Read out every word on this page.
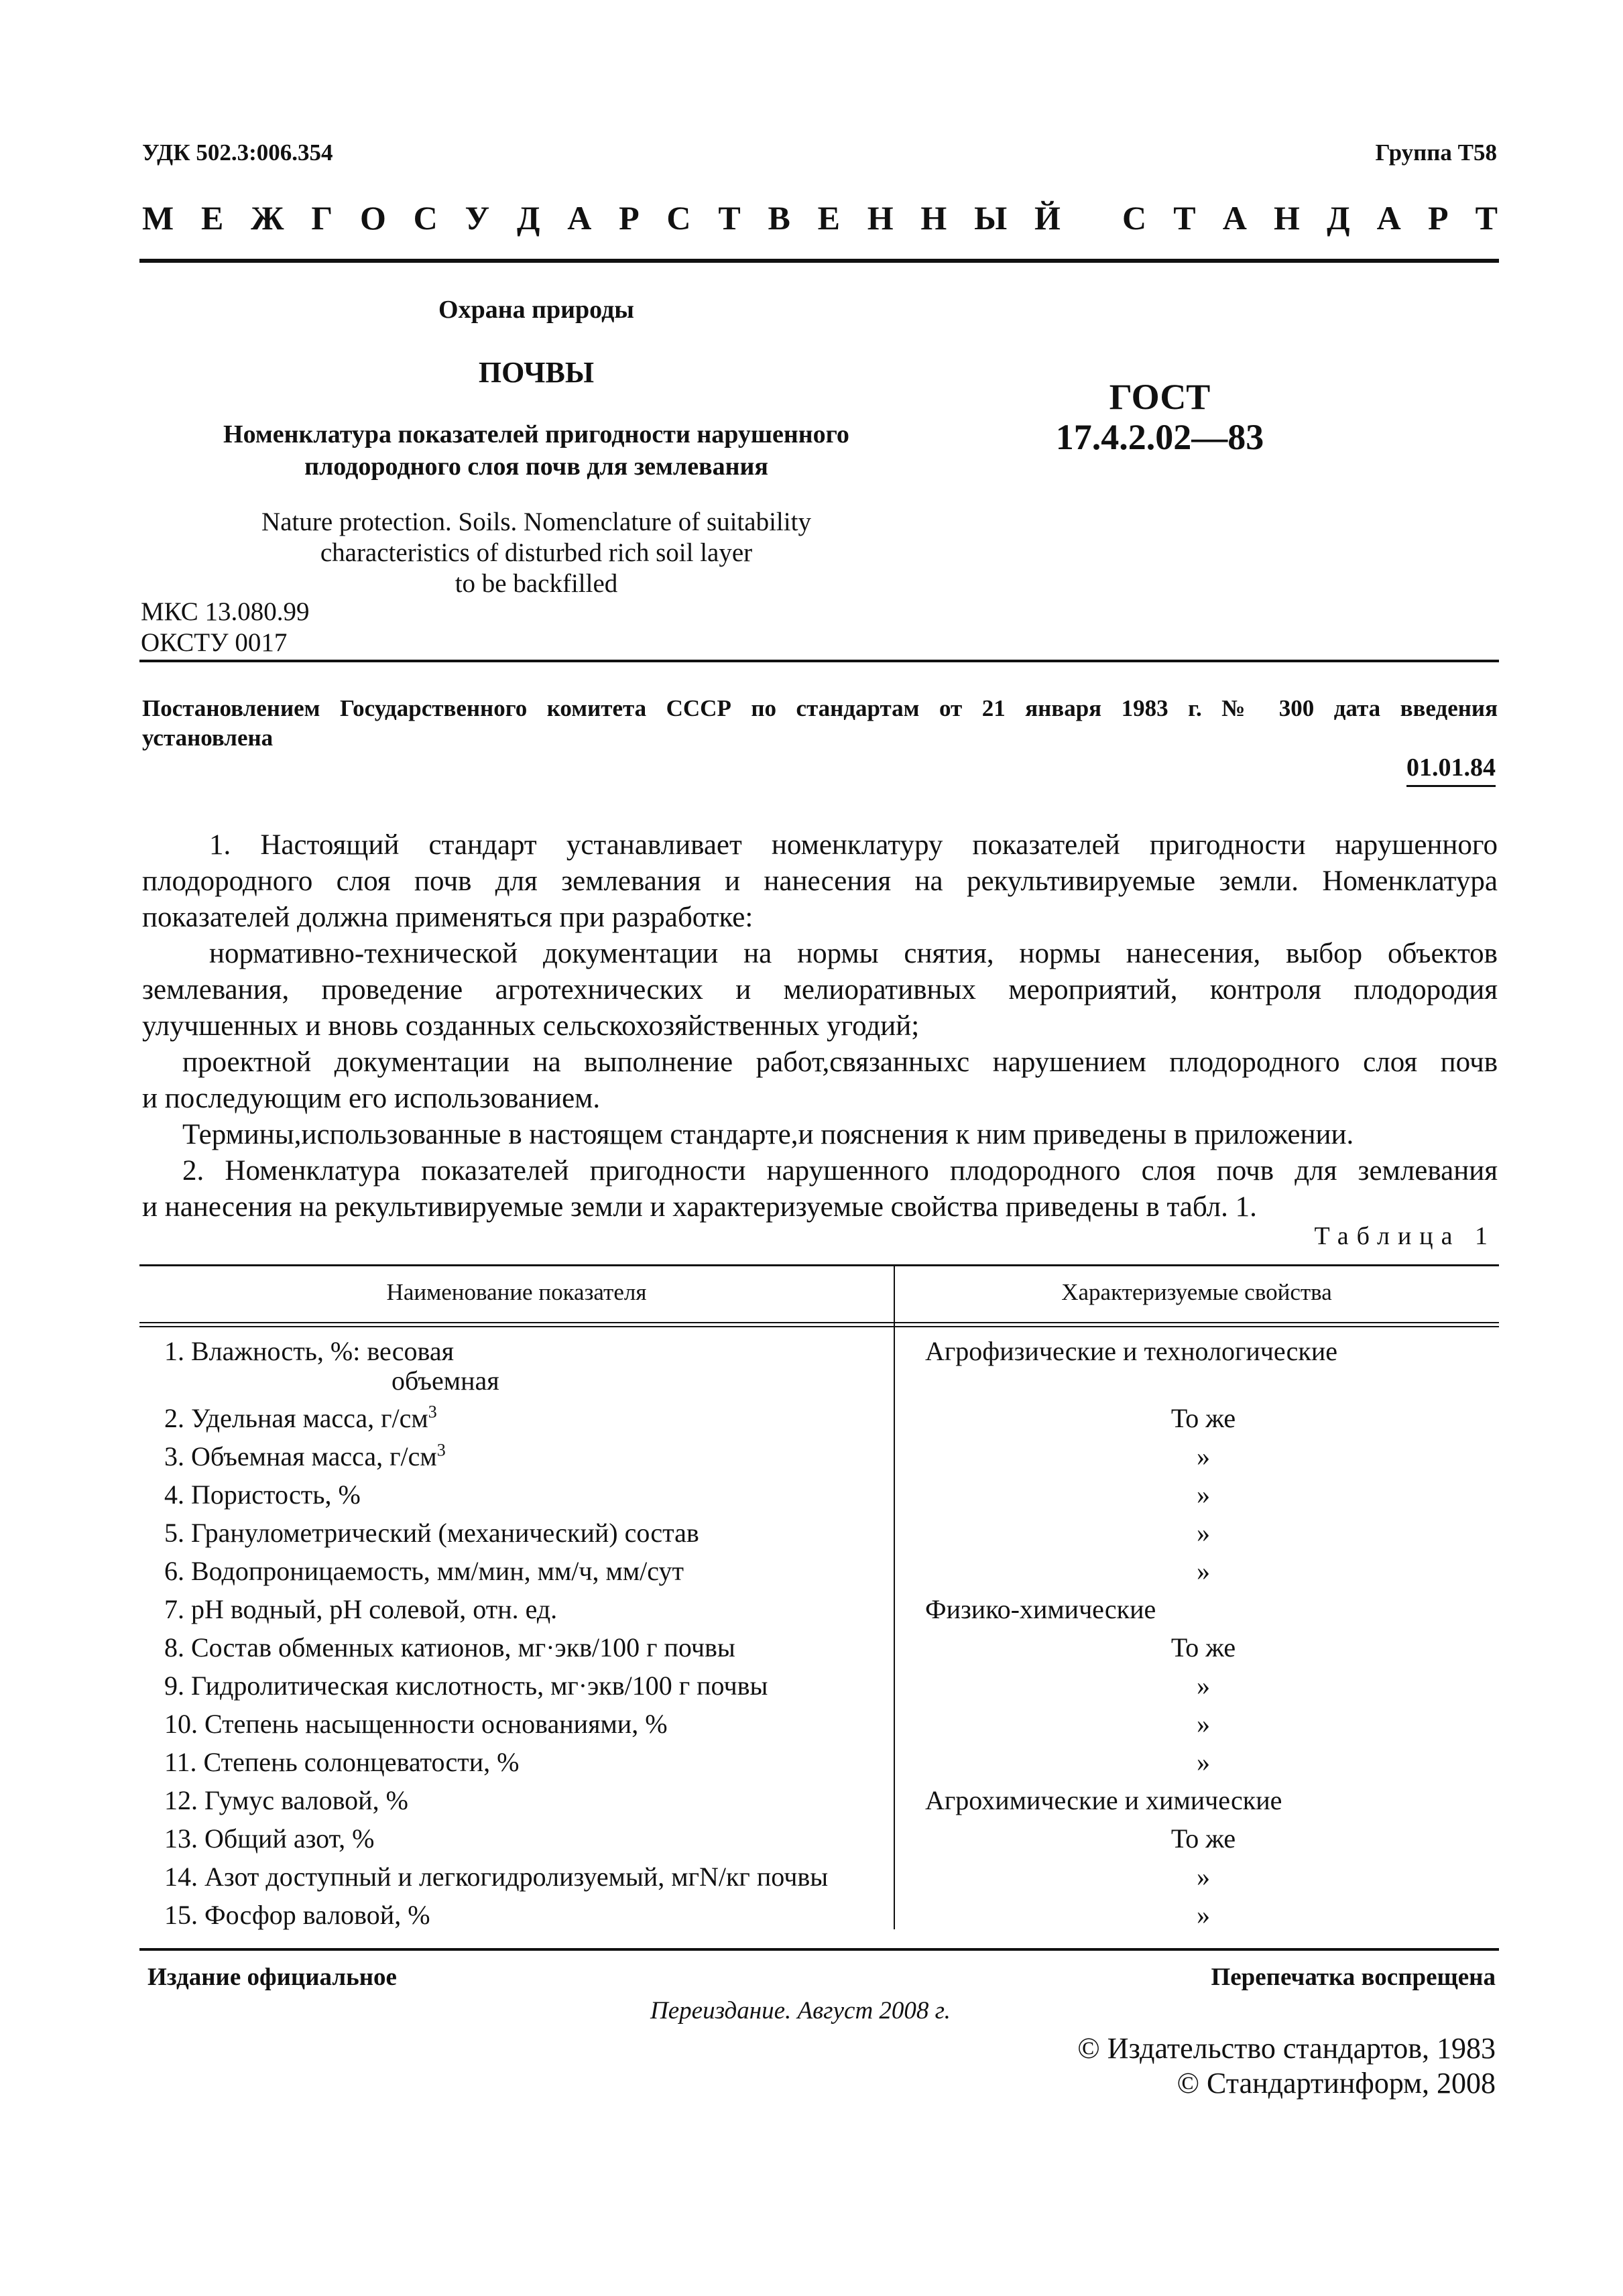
УДК 502.3:006.354	Группа Т58
М Е Ж Г О С У Д А Р С Т В Е Н Н Ы Й С Т А Н Д А Р Т
Охрана природы
ПОЧВЫ
Номенклатура показателей пригодности нарушенного
плодородного слоя почв для землевания
Nature protection. Soils. Nomenclature of suitability
characteristics of disturbed rich soil layer
to be backfilled
МКС 13.080.99
ОКСТУ 0017
ГОСТ
17.4.2.02—83
Постановлением Государственного комитета СССР по стандартам от 21 января 1983 г. № 300 дата введения
установлена
01.01.84
1. Настоящий стандарт устанавливает номенклатуру показателей пригодности нарушенного
плодородного слоя почв для землевания и нанесения на рекультивируемые земли. Номенклатура
показателей должна применяться при разработке:
нормативно-технической документации на нормы снятия, нормы нанесения, выбор объектов
землевания, проведение агротехнических и мелиоративных мероприятий, контроля плодородия
улучшенных и вновь созданных сельскохозяйственных угодий;
проектной документации на выполнение работ,связанныхс нарушением плодородного слоя почв
и последующим его использованием.
Термины,использованные в настоящем стандарте,и пояснения к ним приведены в приложении.
2. Номенклатура показателей пригодности нарушенного плодородного слоя почв для землевания
и нанесения на рекультивируемые земли и характеризуемые свойства приведены в табл. 1.
Таблица 1
Наименование показателя	Характеризуемые свойства
1. Влажность, %: весовая	Агрофизические и технологические
объемная
2. Удельная масса, $г/см^3$	То же
3. Объемная масса, $г/см^3$	»
4. Пористость, %	»
5. Гранулометрический (механический) состав	»
6. Водопроницаемость, мм/мин, мм/ч, мм/сут	»
7. pH водный, pH солевой, отн. ед.	Физико-химические
8. Состав обменных катионов, мг·экв/100 г почвы	То же
9. Гидролитическая кислотность, мг·экв/100 г почвы	»
10. Степень насыщенности основаниями, %	»
11. Степень солонцеватости, %	»
12. Гумус валовой, %	Агрохимические и химические
13. Общий азот, %	То же
14. Азот доступный и легкогидролизуемый, мгN/кг почвы	»
15. Фосфор валовой, %	»
Издание официальное	Перепечатка воспрещена
Переиздание. Август 2008 г.
© Издательство стандартов, 1983
© Стандартинформ, 2008
